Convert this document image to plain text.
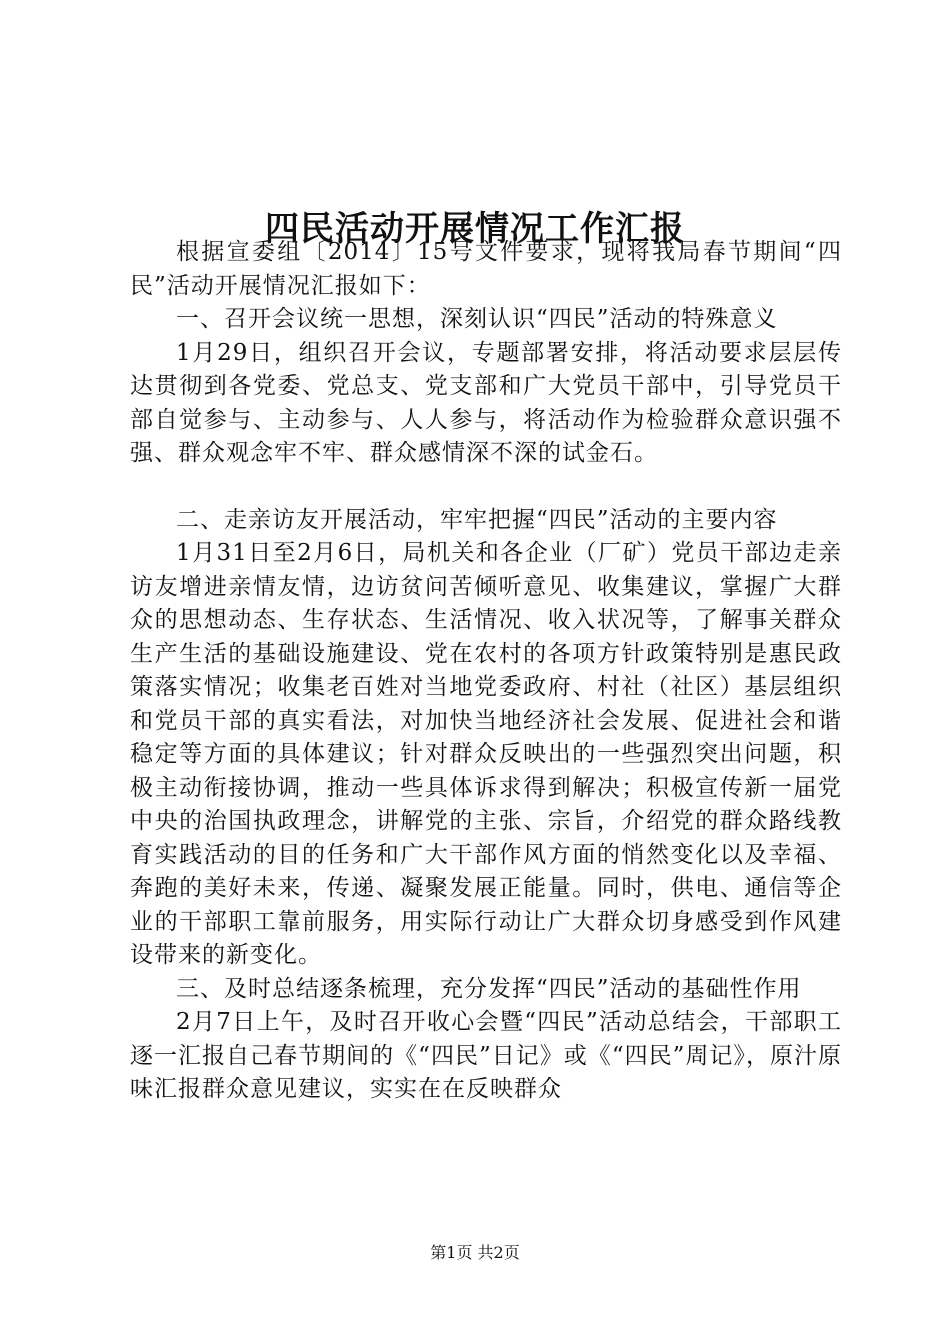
四民活动开展情况工作汇报

根据宣委组〔2014〕15号文件要求，现将我局春节期间“四民”活动开展情况汇报如下：

一、召开会议统一思想，深刻认识“四民”活动的特殊意义

1月29日，组织召开会议，专题部署安排，将活动要求层层传达贯彻到各党委、党总支、党支部和广大党员干部中，引导党员干部自觉参与、主动参与、人人参与，将活动作为检验群众意识强不强、群众观念牢不牢、群众感情深不深的试金石。

二、走亲访友开展活动，牢牢把握“四民”活动的主要内容

1月31日至2月6日，局机关和各企业（厂矿）党员干部边走亲访友增进亲情友情，边访贫问苦倾听意见、收集建议，掌握广大群众的思想动态、生存状态、生活情况、收入状况等，了解事关群众生产生活的基础设施建设、党在农村的各项方针政策特别是惠民政策落实情况；收集老百姓对当地党委政府、村社（社区）基层组织和党员干部的真实看法，对加快当地经济社会发展、促进社会和谐稳定等方面的具体建议；针对群众反映出的一些强烈突出问题，积极主动衔接协调，推动一些具体诉求得到解决；积极宣传新一届党中央的治国执政理念，讲解党的主张、宗旨，介绍党的群众路线教育实践活动的目的任务和广大干部作风方面的悄然变化以及幸福、奔跑的美好未来，传递、凝聚发展正能量。同时，供电、通信等企业的干部职工靠前服务，用实际行动让广大群众切身感受到作风建设带来的新变化。

三、及时总结逐条梳理，充分发挥“四民”活动的基础性作用

2月7日上午，及时召开收心会暨“四民”活动总结会，干部职工逐一汇报自己春节期间的《“四民”日记》或《“四民”周记》，原汁原味汇报群众意见建议，实实在在反映群众

第1页 共2页
